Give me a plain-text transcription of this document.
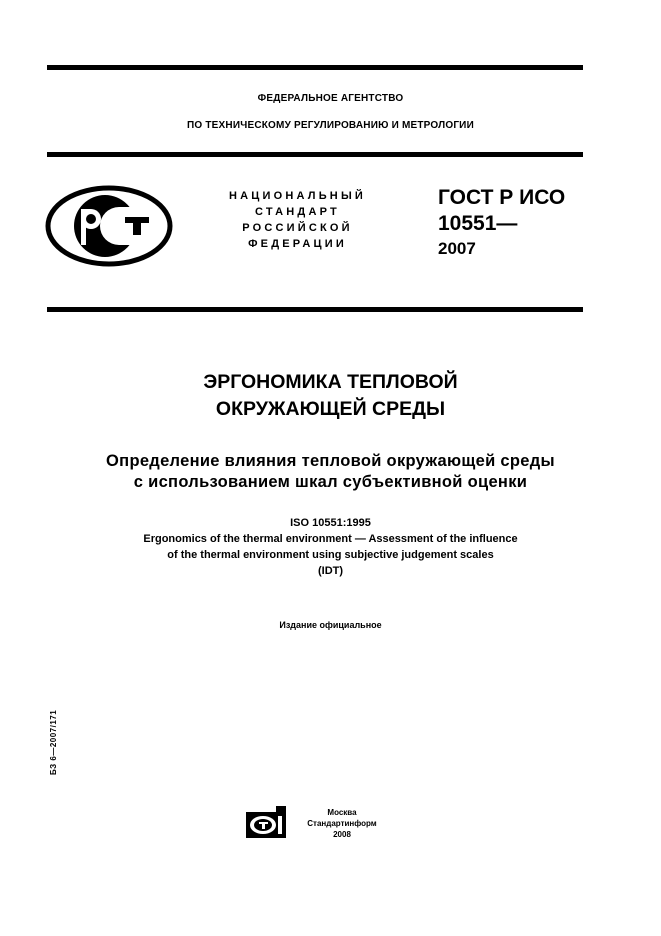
ФЕДЕРАЛЬНОЕ АГЕНТСТВО
ПО ТЕХНИЧЕСКОМУ РЕГУЛИРОВАНИЮ И МЕТРОЛОГИИ
НАЦИОНАЛЬНЫЙ
СТАНДАРТ
РОССИЙСКОЙ
ФЕДЕРАЦИИ
ГОСТ Р ИСО
10551—
2007
ЭРГОНОМИКА ТЕПЛОВОЙ
ОКРУЖАЮЩЕЙ СРЕДЫ
Определение влияния тепловой окружающей среды
с использованием шкал субъективной оценки
ISO 10551:1995
Ergonomics of the thermal environment — Assessment of the influence
of the thermal environment using subjective judgement scales
(IDT)
Издание официальное
БЗ 6—2007/171
Москва
Стандартинформ
2008
